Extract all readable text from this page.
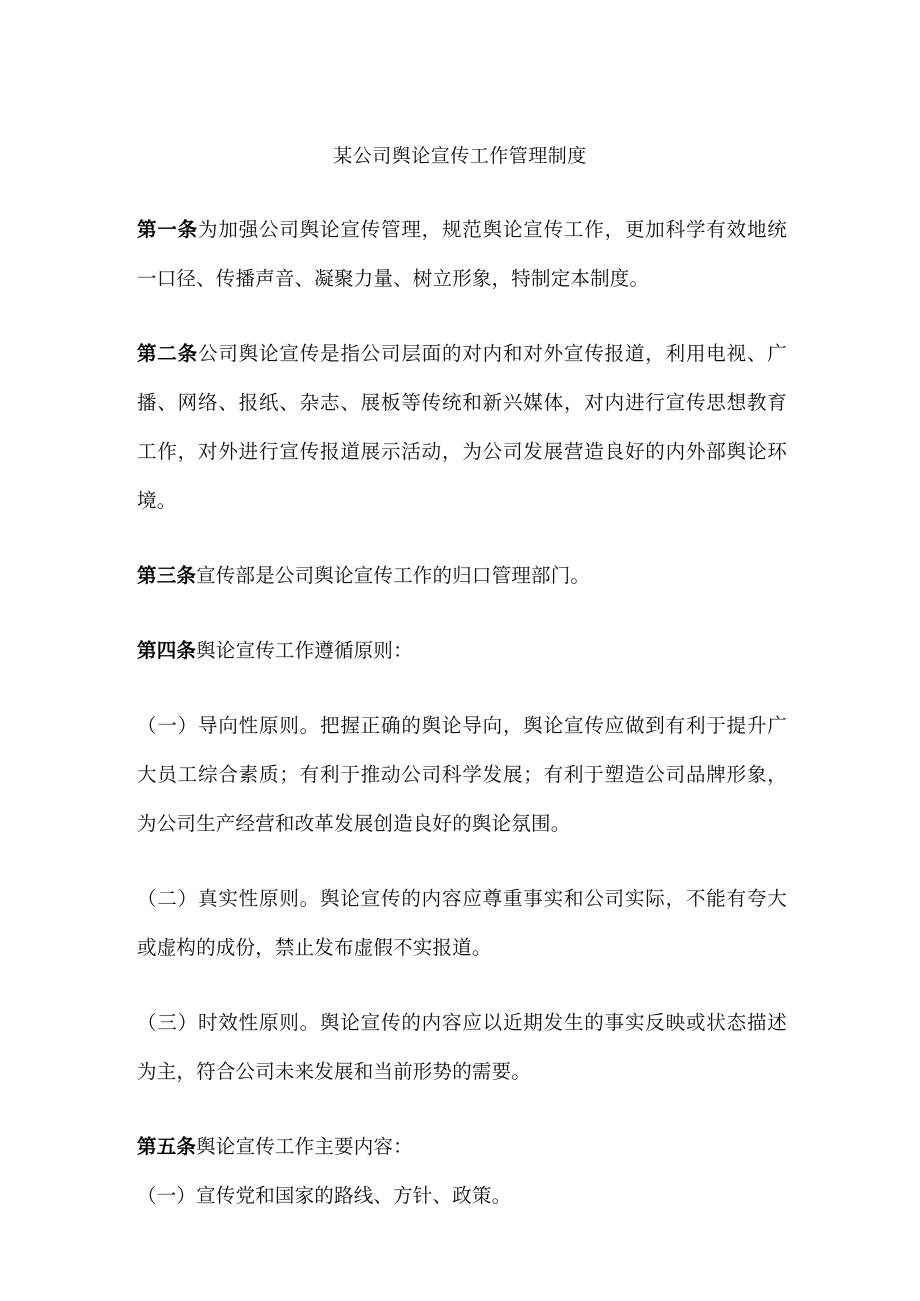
某公司舆论宣传工作管理制度

第一条为加强公司舆论宣传管理，规范舆论宣传工作，更加科学有效地统一口径、传播声音、凝聚力量、树立形象，特制定本制度。

第二条公司舆论宣传是指公司层面的对内和对外宣传报道，利用电视、广播、网络、报纸、杂志、展板等传统和新兴媒体，对内进行宣传思想教育工作，对外进行宣传报道展示活动，为公司发展营造良好的内外部舆论环境。

第三条宣传部是公司舆论宣传工作的归口管理部门。

第四条舆论宣传工作遵循原则：

（一）导向性原则。把握正确的舆论导向，舆论宣传应做到有利于提升广大员工综合素质；有利于推动公司科学发展；有利于塑造公司品牌形象，为公司生产经营和改革发展创造良好的舆论氛围。

（二）真实性原则。舆论宣传的内容应尊重事实和公司实际，不能有夸大或虚构的成份，禁止发布虚假不实报道。

（三）时效性原则。舆论宣传的内容应以近期发生的事实反映或状态描述为主，符合公司未来发展和当前形势的需要。

第五条舆论宣传工作主要内容：

（一）宣传党和国家的路线、方针、政策。
